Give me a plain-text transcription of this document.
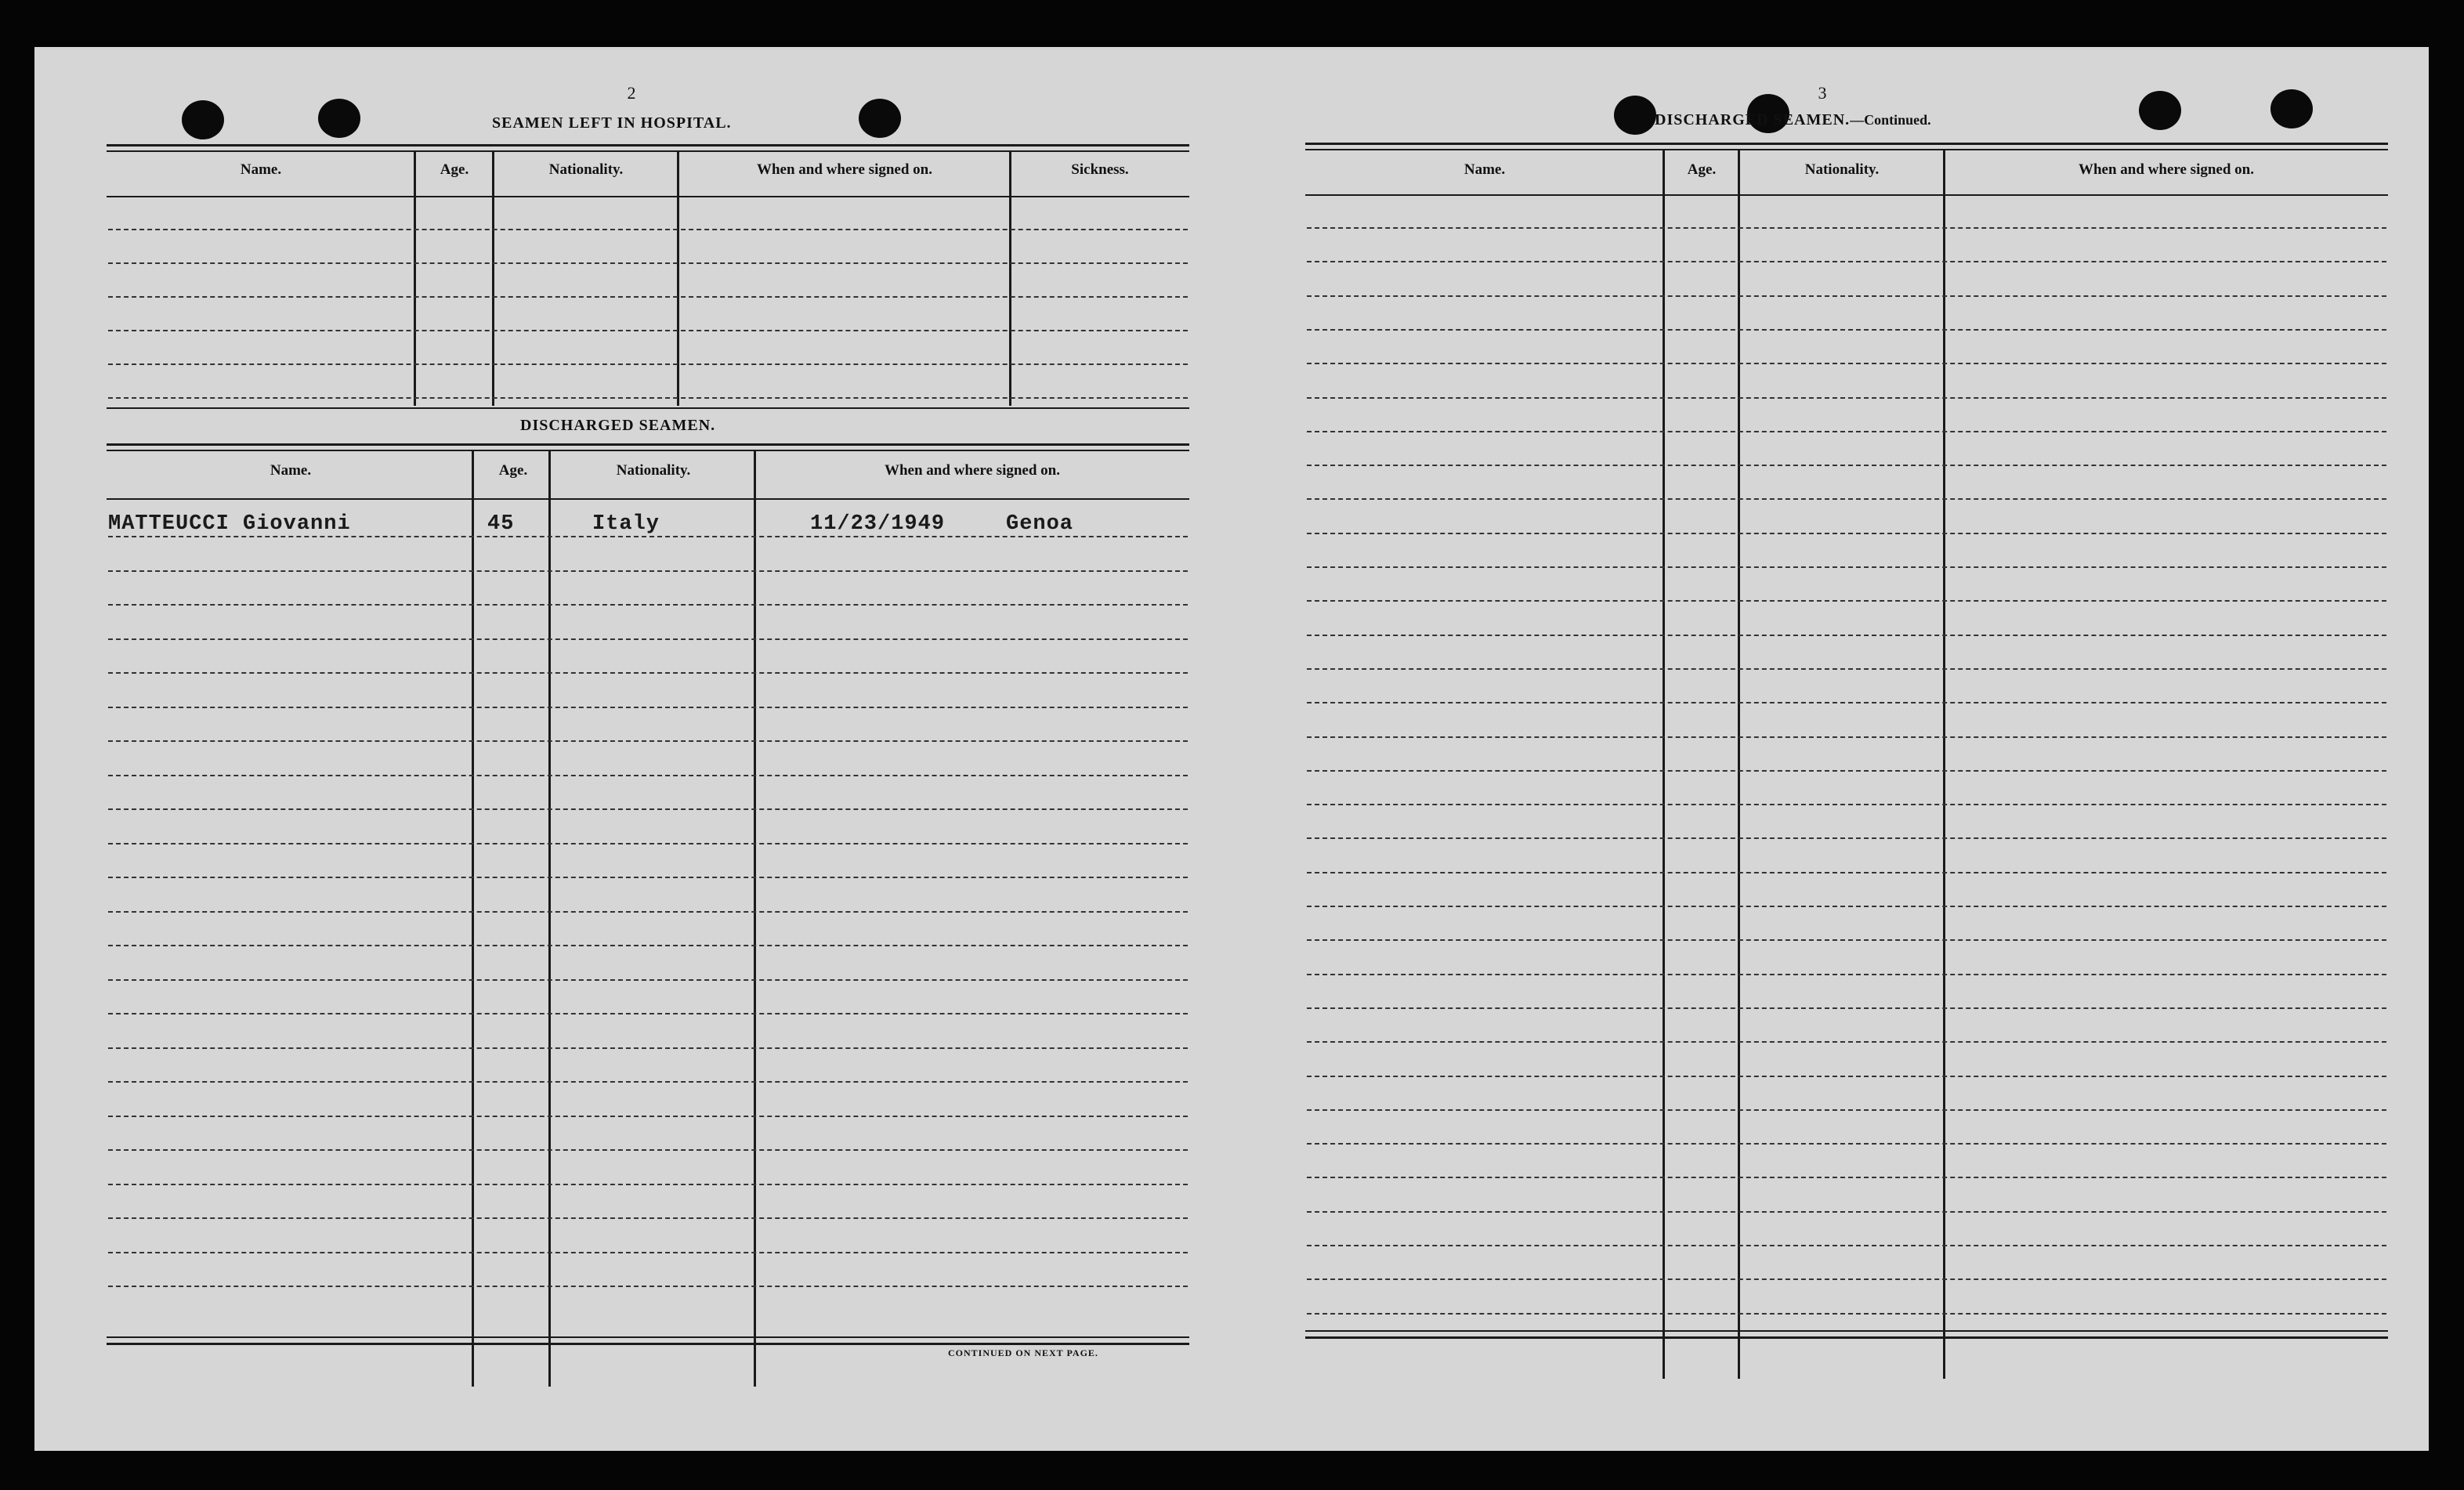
2
SEAMEN LEFT IN HOSPITAL.
Name.	Age.	Nationality.	When and where signed on.	Sickness.
DISCHARGED SEAMEN.
Name.	Age.	Nationality.	When and where signed on.
MATTEUCCI Giovanni	45	Italy	11/23/1949	Genoa
CONTINUED ON NEXT PAGE.
3
DISCHARGED SEAMEN.—Continued.
Name.	Age.	Nationality.	When and where signed on.
